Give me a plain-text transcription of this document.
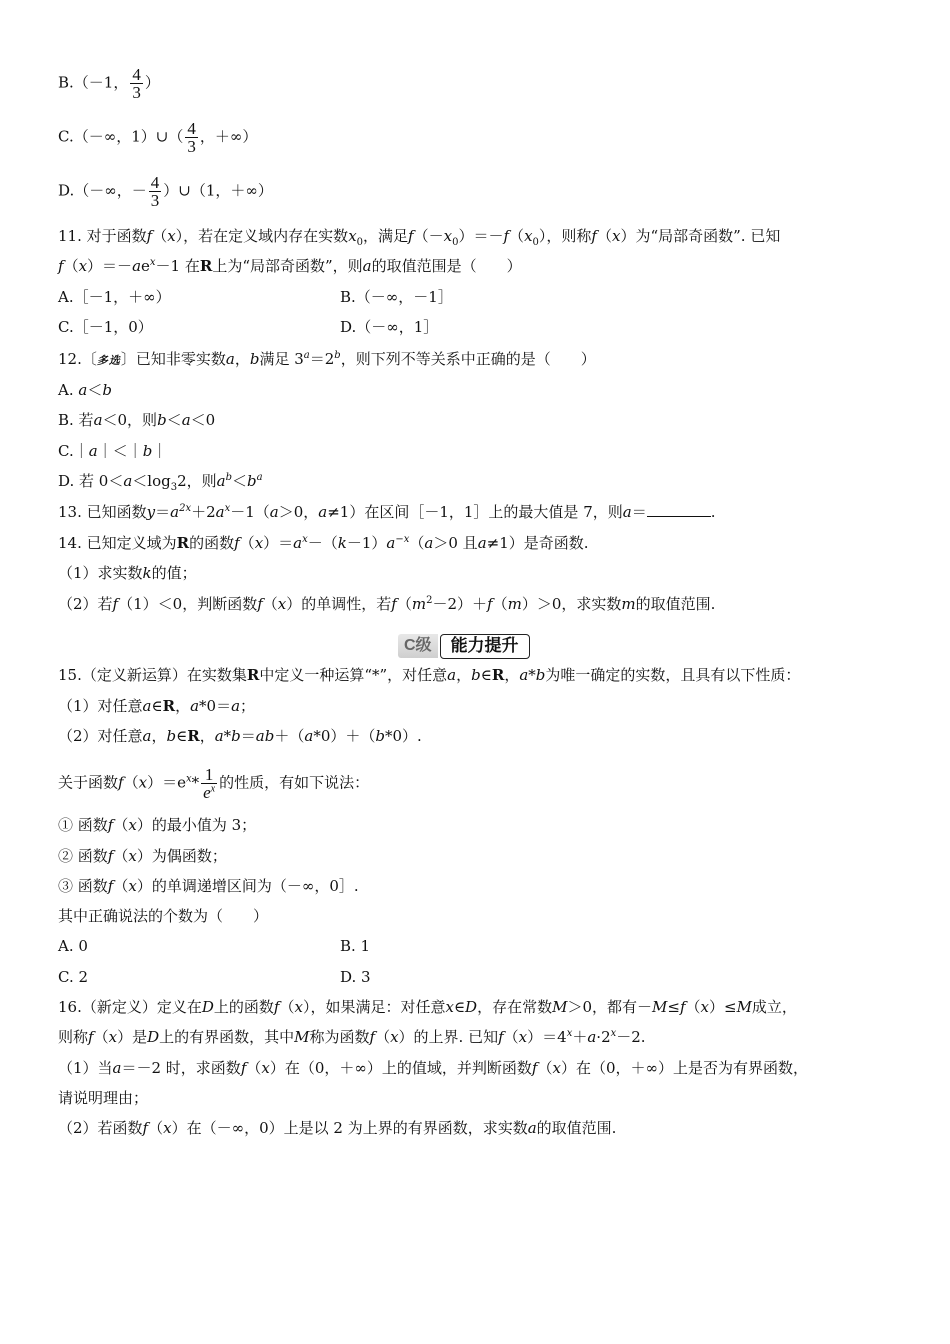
B.（－1， $\frac{4}{3}$ ）
C.（－∞，1）∪（ $\frac{4}{3}$ ，＋∞）
D.（－∞，－ $\frac{4}{3}$ ）∪（1，＋∞）
11. 对于函数f（x），若在定义域内存在实数$x_0$，满足$f(-x_0)=-f(x_0)$，则称f（x）为“局部奇函数”. 已知
$f(x)=-ae^x-1$ 在R上为“局部奇函数”，则a的取值范围是（　　）
A.［－1，＋∞）	B.（－∞，－1］
C.［－1，0）	D.（－∞，1］
12.〔多选〕已知非零实数a，b满足 $3^a=2^b$，则下列不等关系中正确的是（　　）
A. a＜b
B. 若a＜0，则b＜a＜0
C.｜a｜＜｜b｜
D. 若 $0<a<\log_32$，则$a^b<b^a$
13. 已知函数$y=a^{2x}+2a^x-1(a>0$，a≠1）在区间［－1，1］上的最大值是 7，则a＝	.
14. 已知定义域为R的函数$f(x)=a^x-(k-1)a^{-x}(a>0$ 且a≠1）是奇函数.
（1）求实数k的值；
（2）若f（1）＜0，判断函数f（x）的单调性，若$f(m^2-2)+f(m)>0$，求实数m的取值范围.
C级	能力提升
15.（定义新运算）在实数集R中定义一种运算“*”，对任意a，b∈R，a*b为唯一确定的实数，且具有以下性质：
（1）对任意a∈R，a*0＝a；
（2）对任意a，b∈R，a*b＝ab＋（a*0）＋（b*0）.
关于函数$f(x)=e^x* \frac{1}{e^x}$ 的性质，有如下说法：
① 函数f（x）的最小值为 3；
② 函数f（x）为偶函数；
③ 函数f（x）的单调递增区间为（－∞，0］.
其中正确说法的个数为（　　）
A. 0	B. 1
C. 2	D. 3
16.（新定义）定义在D上的函数f（x），如果满足：对任意x∈D，存在常数M＞0，都有－M≤f（x）≤M成立，
则称f（x）是D上的有界函数，其中M称为函数f（x）的上界. 已知$f(x)=4^x+a\cdot 2^x-2$.
（1）当a＝－2 时，求函数f（x）在（0，＋∞）上的值域，并判断函数f（x）在（0，＋∞）上是否为有界函数，
请说明理由；
（2）若函数f（x）在（－∞，0）上是以 2 为上界的有界函数，求实数a的取值范围.
